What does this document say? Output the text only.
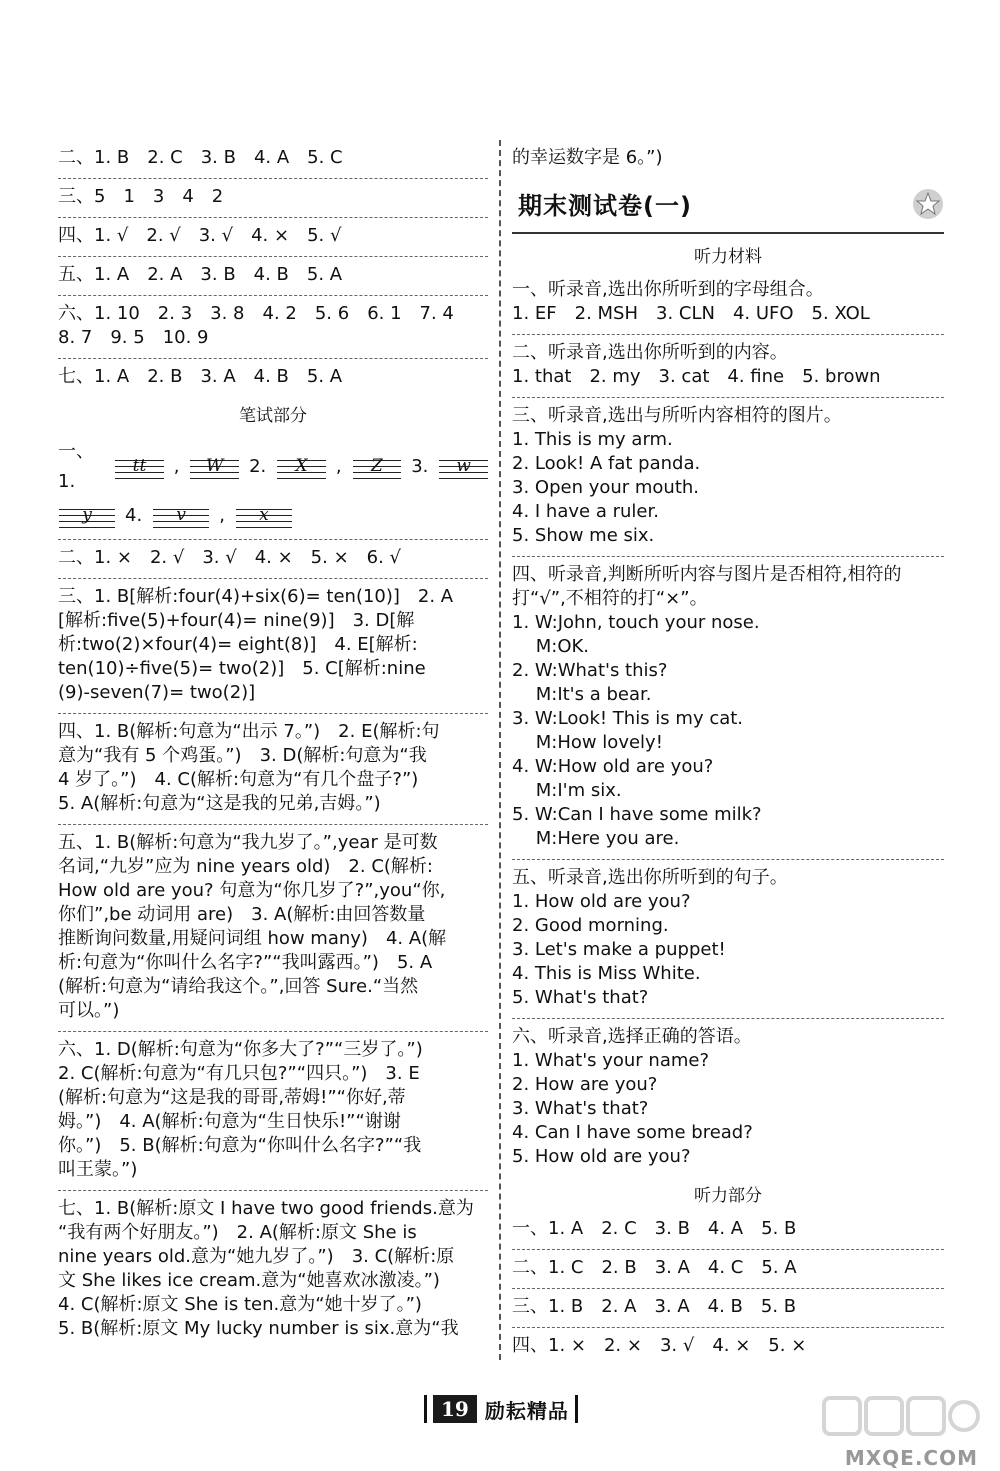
二、1. B　2. C　3. B　4. A　5. C
三、5　1　3　4　2
四、1. √　2. √　3. √　4. ×　5. √
五、1. A　2. A　3. B　4. B　5. A
六、1. 10　2. 3　3. 8　4. 2　5. 6　6. 1　7. 4
8. 7　9. 5　10. 9
七、1. A　2. B　3. A　4. B　5. A
笔试部分
一、1.
tt	,	W	2.	X	,	Z	3.	w
y	4.	v	,	x
二、1. ×　2. √　3. √　4. ×　5. ×　6. √
三、1. B[解析:four(4)+six(6)= ten(10)]　2. A
[解析:five(5)+four(4)= nine(9)]　3. D[解
析:two(2)×four(4)= eight(8)]　4. E[解析:
ten(10)÷five(5)= two(2)]　5. C[解析:nine
(9)-seven(7)= two(2)]
四、1. B(解析:句意为“出示 7。”)　2. E(解析:句
意为“我有 5 个鸡蛋。”)　3. D(解析:句意为“我
4 岁了。”)　4. C(解析:句意为“有几个盘子?”)
5. A(解析:句意为“这是我的兄弟,吉姆。”)
五、1. B(解析:句意为“我九岁了。”,year 是可数
名词,“九岁”应为 nine years old)　2. C(解析:
How old are you? 句意为“你几岁了?”,you“你,
你们”,be 动词用 are)　3. A(解析:由回答数量
推断询问数量,用疑问词组 how many)　4. A(解
析:句意为“你叫什么名字?”“我叫露西。”)　5. A
(解析:句意为“请给我这个。”,回答 Sure.“当然
可以。”)
六、1. D(解析:句意为“你多大了?”“三岁了。”)
2. C(解析:句意为“有几只包?”“四只。”)　3. E
(解析:句意为“这是我的哥哥,蒂姆!”“你好,蒂
姆。”)　4. A(解析:句意为“生日快乐!”“谢谢
你。”)　5. B(解析:句意为“你叫什么名字?”“我
叫王蒙。”)
七、1. B(解析:原文 I have two good friends.意为
“我有两个好朋友。”)　2. A(解析:原文 She is
nine years old.意为“她九岁了。”)　3. C(解析:原
文 She likes ice cream.意为“她喜欢冰激凌。”)
4. C(解析:原文 She is ten.意为“她十岁了。”)
5. B(解析:原文 My lucky number is six.意为“我
的幸运数字是 6。”)
期末测试卷(一)
听力材料
一、听录音,选出你所听到的字母组合。
1. EF　2. MSH　3. CLN　4. UFO　5. XOL
二、听录音,选出你所听到的内容。
1. that　2. my　3. cat　4. fine　5. brown
三、听录音,选出与所听内容相符的图片。
1. This is my arm.
2. Look! A fat panda.
3. Open your mouth.
4. I have a ruler.
5. Show me six.
四、听录音,判断所听内容与图片是否相符,相符的
打“√”,不相符的打“×”。
1. W:John, touch your nose.
　 M:OK.
2. W:What's this?
　 M:It's a bear.
3. W:Look! This is my cat.
　 M:How lovely!
4. W:How old are you?
　 M:I'm six.
5. W:Can I have some milk?
　 M:Here you are.
五、听录音,选出你所听到的句子。
1. How old are you?
2. Good morning.
3. Let's make a puppet!
4. This is Miss White.
5. What's that?
六、听录音,选择正确的答语。
1. What's your name?
2. How are you?
3. What's that?
4. Can I have some bread?
5. How old are you?
听力部分
一、1. A　2. C　3. B　4. A　5. B
二、1. C　2. B　3. A　4. C　5. A
三、1. B　2. A　3. A　4. B　5. B
四、1. ×　2. ×　3. √　4. ×　5. ×
19 励耘精品
MXQE.COM
